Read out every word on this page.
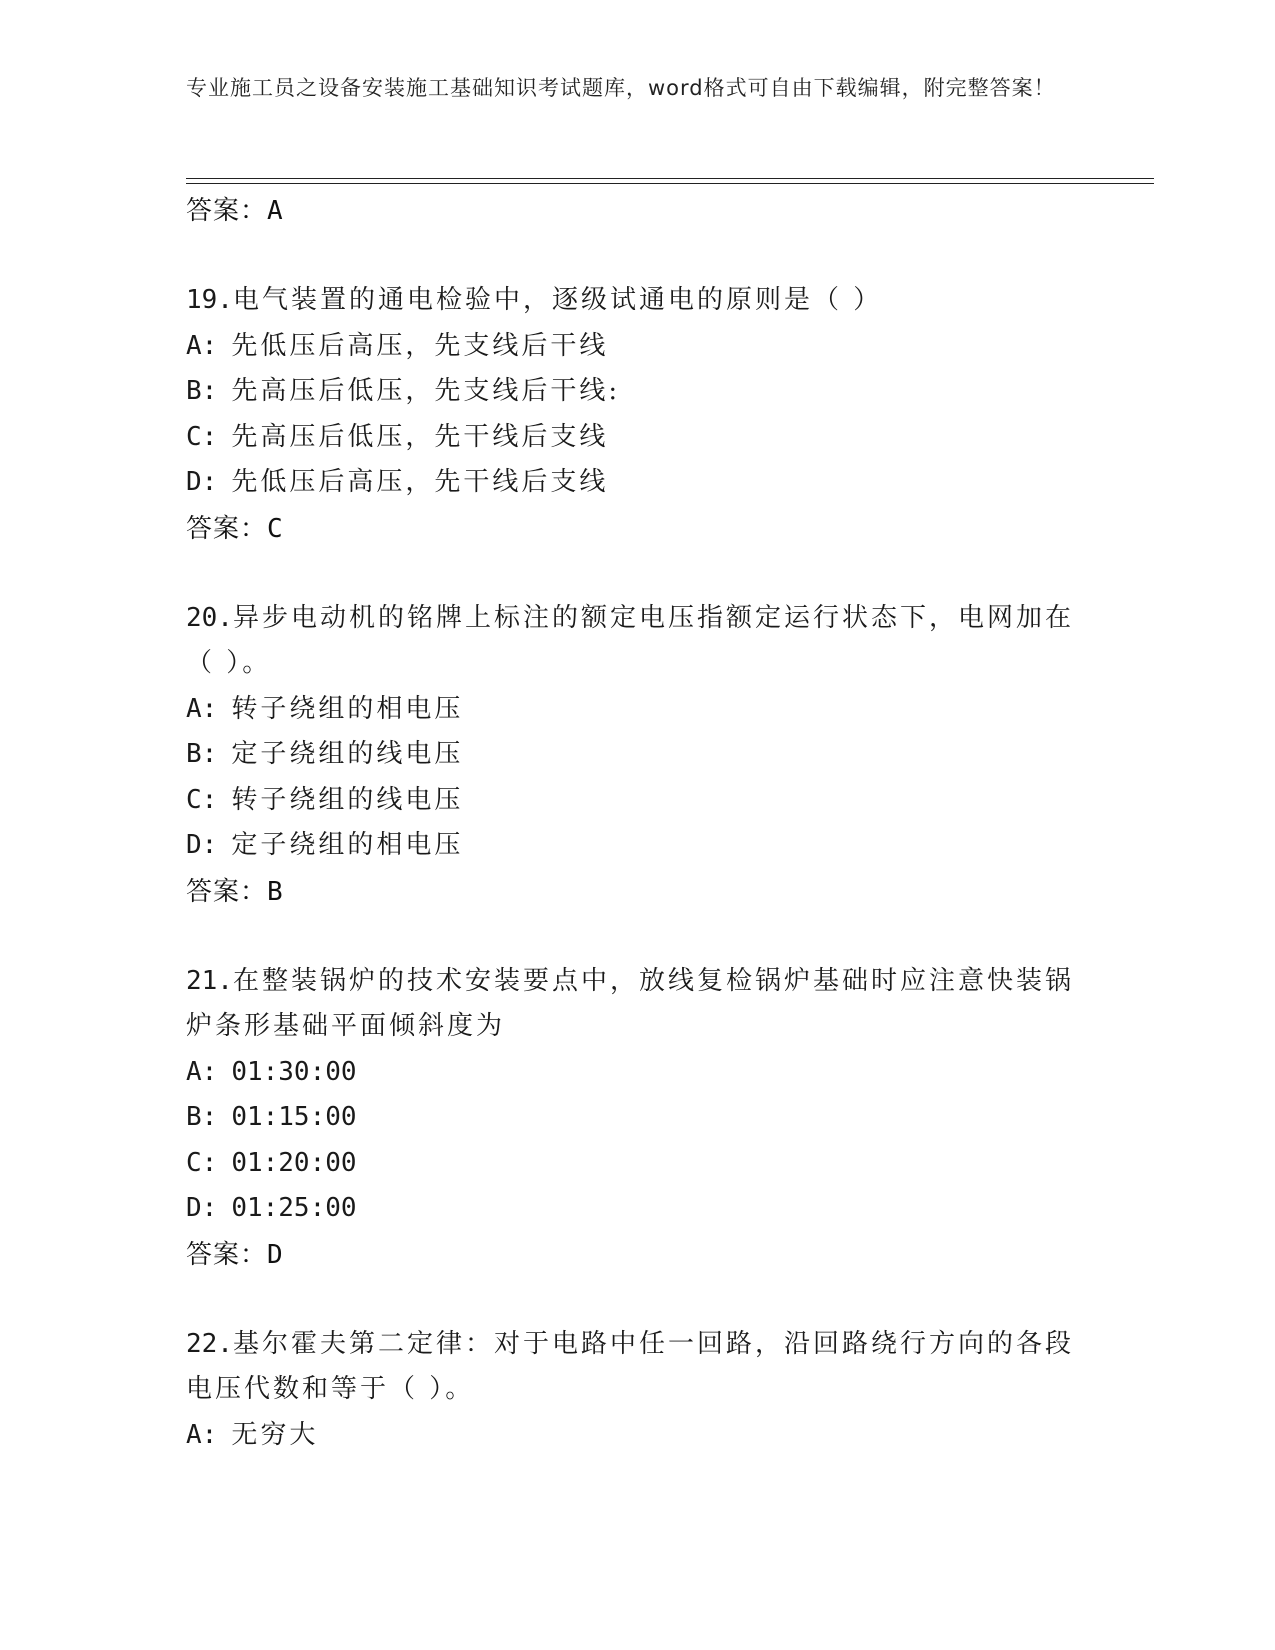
专业施工员之设备安装施工基础知识考试题库，word格式可自由下载编辑，附完整答案！
答案：A
19.电气装置的通电检验中，逐级试通电的原则是（ ）
A: 先低压后高压，先支线后干线
B: 先高压后低压，先支线后干线:
C: 先高压后低压，先干线后支线
D: 先低压后高压，先干线后支线
答案：C
20.异步电动机的铭牌上标注的额定电压指额定运行状态下，电网加在（ ）。
A: 转子绕组的相电压
B: 定子绕组的线电压
C: 转子绕组的线电压
D: 定子绕组的相电压
答案：B
21.在整装锅炉的技术安装要点中，放线复检锅炉基础时应注意快装锅炉条形基础平面倾斜度为
A: 01:30:00
B: 01:15:00
C: 01:20:00
D: 01:25:00
答案：D
22.基尔霍夫第二定律：对于电路中任一回路，沿回路绕行方向的各段电压代数和等于（ ）。
A: 无穷大
